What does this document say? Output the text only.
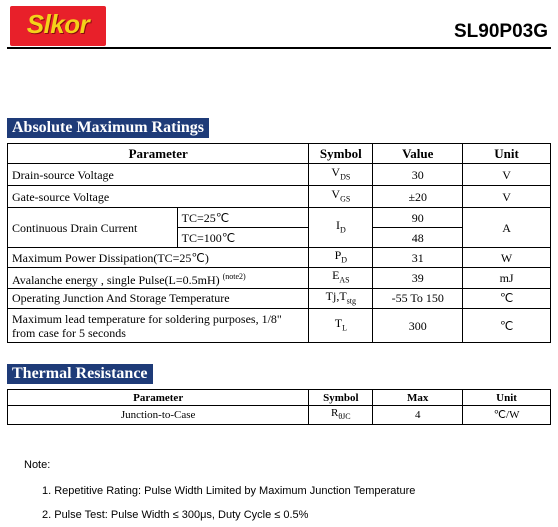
Slkor	SL90P03G
Absolute Maximum Ratings
Parameter		Symbol	Value	Unit
Drain-source Voltage		$V_{DS}$	30	V
Gate-source Voltage		$V_{GS}$	±20	V
Continuous Drain Current	TC=25℃	$I_D$	90	A
	TC=100℃		48	
Maximum Power Dissipation(TC=25℃)		$P_D$	31	W
Avalanche energy , single Pulse(L=0.5mH) $^{(note2)}$		$E_{AS}$	39	mJ
Operating Junction And Storage Temperature		$Tj,T_{stg}$	-55 To 150	℃
Maximum lead temperature for soldering purposes, 1/8"
from case for 5 seconds		$T_L$	300	℃
Thermal Resistance
Parameter	Symbol	Max	Unit
Junction-to-Case	$R_{\theta JC}$	4	℃/W
Note:
1. Repetitive Rating: Pulse Width Limited by Maximum Junction Temperature
2. Pulse Test: Pulse Width ≤ 300μs, Duty Cycle ≤ 0.5%
